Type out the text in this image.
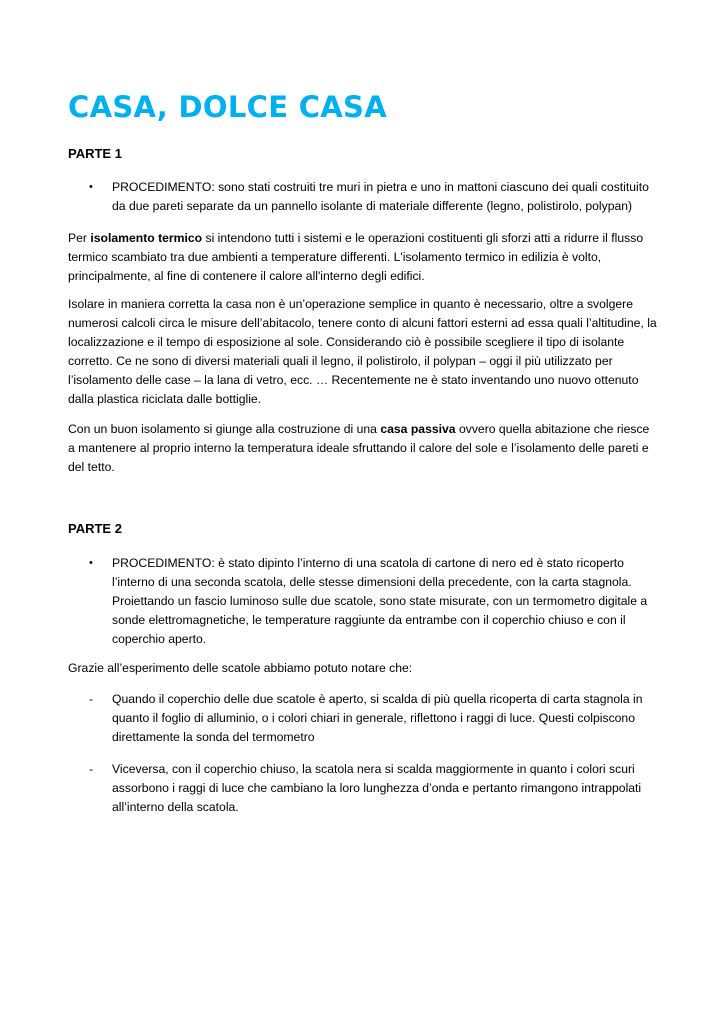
CASA, DOLCE CASA
PARTE 1
• PROCEDIMENTO: sono stati costruiti tre muri in pietra e uno in mattoni ciascuno dei quali costituito da due pareti separate da un pannello isolante di materiale differente (legno, polistirolo, polypan)

Per isolamento termico si intendono tutti i sistemi e le operazioni costituenti gli sforzi atti a ridurre il flusso termico scambiato tra due ambienti a temperature differenti. L'isolamento termico in edilizia è volto, principalmente, al fine di contenere il calore all'interno degli edifici.

Isolare in maniera corretta la casa non è un’operazione semplice in quanto è necessario, oltre a svolgere numerosi calcoli circa le misure dell’abitacolo, tenere conto di alcuni fattori esterni ad essa quali l’altitudine, la localizzazione e il tempo di esposizione al sole. Considerando ciò è possibile scegliere il tipo di isolante corretto. Ce ne sono di diversi materiali quali il legno, il polistirolo, il polypan – oggi il più utilizzato per l’isolamento delle case – la lana di vetro, ecc. … Recentemente ne è stato inventando uno nuovo ottenuto dalla plastica riciclata dalle bottiglie.

Con un buon isolamento si giunge alla costruzione di una casa passiva ovvero quella abitazione che riesce a mantenere al proprio interno la temperatura ideale sfruttando il calore del sole e l’isolamento delle pareti e del tetto.

PARTE 2
• PROCEDIMENTO: è stato dipinto l’interno di una scatola di cartone di nero ed è stato ricoperto l’interno di una seconda scatola, delle stesse dimensioni della precedente, con la carta stagnola. Proiettando un fascio luminoso sulle due scatole, sono state misurate, con un termometro digitale a sonde elettromagnetiche, le temperature raggiunte da entrambe con il coperchio chiuso e con il coperchio aperto.

Grazie all’esperimento delle scatole abbiamo potuto notare che:

- Quando il coperchio delle due scatole è aperto, si scalda di più quella ricoperta di carta stagnola in quanto il foglio di alluminio, o i colori chiari in generale, riflettono i raggi di luce. Questi colpiscono direttamente la sonda del termometro

- Viceversa, con il coperchio chiuso, la scatola nera si scalda maggiormente in quanto i colori scuri assorbono i raggi di luce che cambiano la loro lunghezza d’onda e pertanto rimangono intrappolati all’interno della scatola.
